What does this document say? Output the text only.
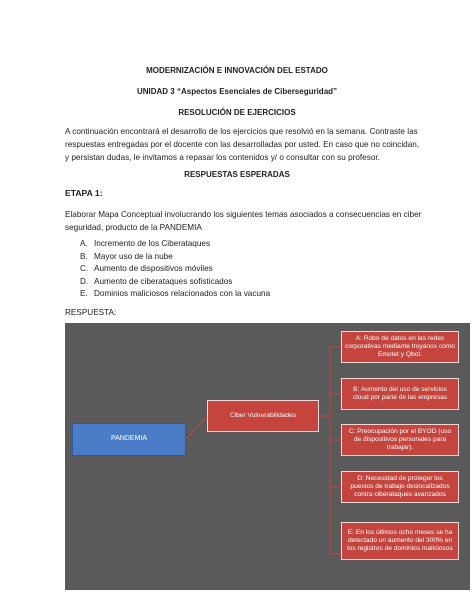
MODERNIZACIÓN E INNOVACIÓN DEL ESTADO
UNIDAD 3 “Aspectos Esenciales de Ciberseguridad”
RESOLUCIÓN DE EJERCICIOS
A continuación encontrará el desarrollo de los ejercicios que resolvió en la semana. Contraste las respuestas entregadas por el docente con las desarrolladas por usted. En caso que no coincidan, y persistan dudas, le invitamos a repasar los contenidos y/ o consultar con su profesor.
RESPUESTAS ESPERADAS
ETAPA 1:
Elaborar Mapa Conceptual involucrando los siguientes temas asociados a consecuencias en ciber seguridad, producto de la PANDEMIA
A. Incremento de los Ciberataques
B. Mayor uso de la nube
C. Aumento de dispositivos móviles
D. Aumento de ciberataques sofisticados
E. Dominios maliciosos relacionados con la vacuna
RESPUESTA:
PANDEMIA
Ciber Vulnerabilidades
A: Robo de datos en las redes corporativas mediante troyanos como Emotet y Qbot.
B: Aumento del uso de servicios cloud por parte de las empresas
C: Preocupación por el BYOD (uso de dispositivos personales para trabajar).
D: Necesidad de proteger los puestos de trabajo deslocalizados contra ciberataques avanzados
E: En los últimos ocho meses se ha detectado un aumento del 300% en los registros de dominios maliciosos
